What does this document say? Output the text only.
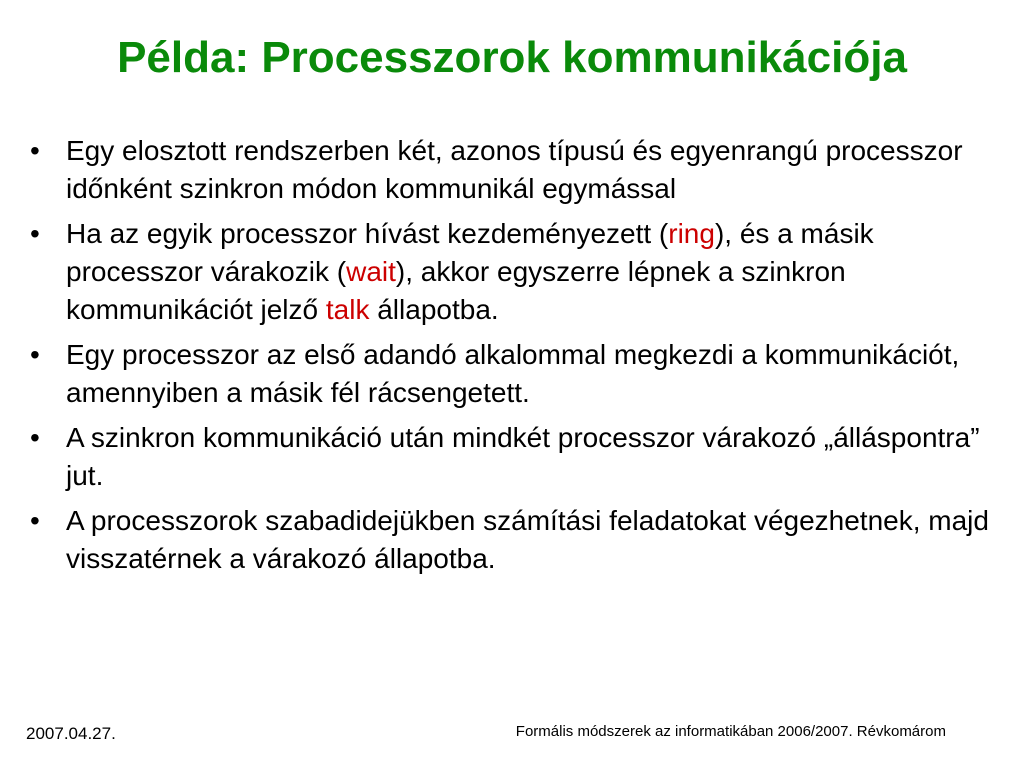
Példa: Processzorok kommunikációja
• Egy elosztott rendszerben két, azonos típusú és egyenrangú processzor időnként szinkron módon kommunikál egymással
• Ha az egyik processzor hívást kezdeményezett (ring), és a másik processzor várakozik (wait), akkor egyszerre lépnek a szinkron kommunikációt jelző talk állapotba.
• Egy processzor az első adandó alkalommal megkezdi a kommunikációt, amennyiben a másik fél rácsengetett.
• A szinkron kommunikáció után mindkét processzor várakozó „álláspontra” jut.
• A processzorok szabadidejükben számítási feladatokat végezhetnek, majd visszatérnek a várakozó állapotba.
2007.04.27.	Formális módszerek az informatikában 2006/2007. Révkomárom
